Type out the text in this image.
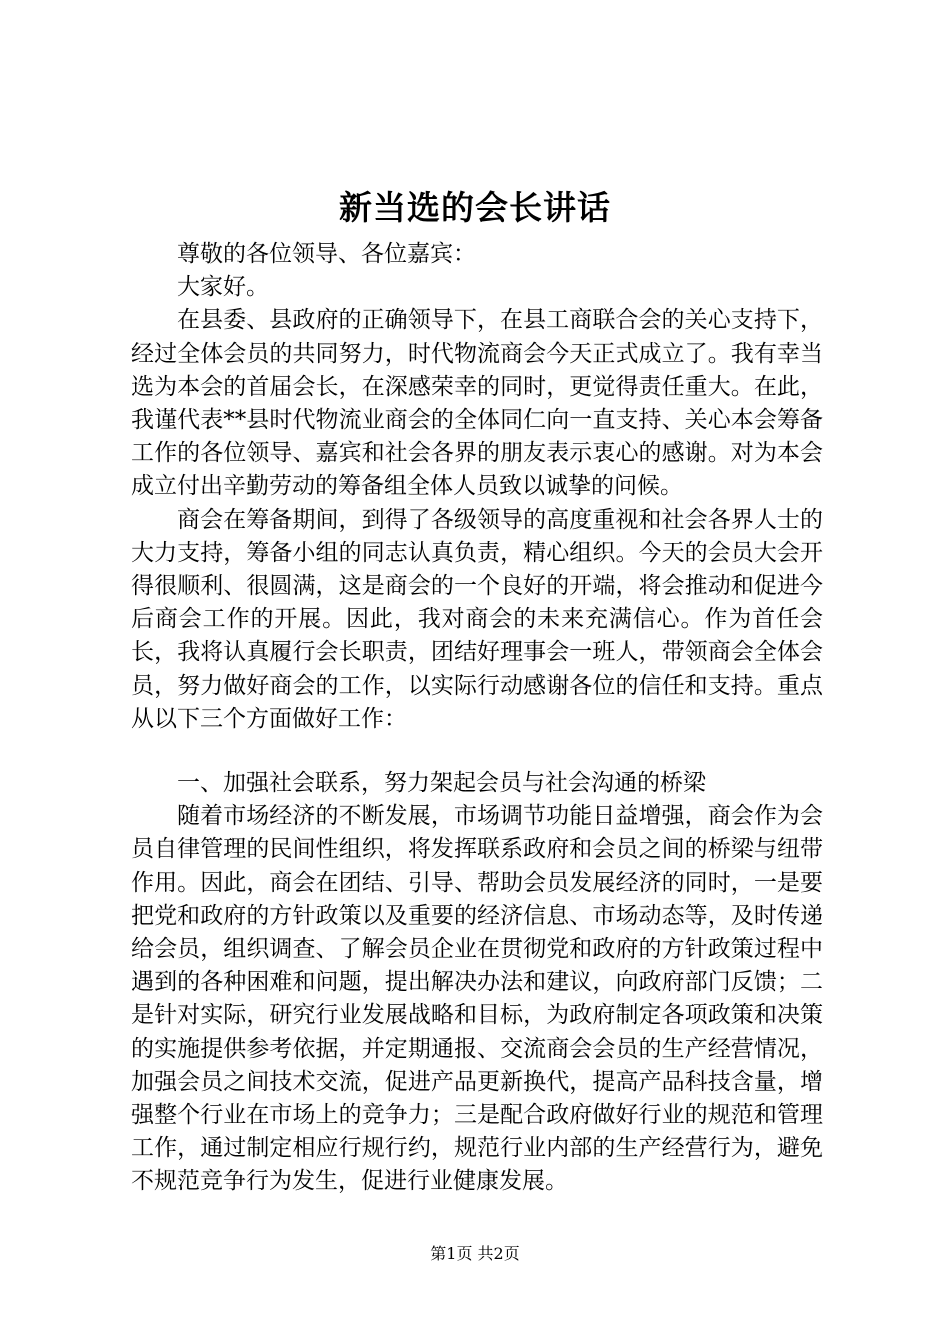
新当选的会长讲话

尊敬的各位领导、各位嘉宾：

大家好。

在县委、县政府的正确领导下，在县工商联合会的关心支持下，经过全体会员的共同努力，时代物流商会今天正式成立了。我有幸当选为本会的首届会长，在深感荣幸的同时，更觉得责任重大。在此，我谨代表**县时代物流业商会的全体同仁向一直支持、关心本会筹备工作的各位领导、嘉宾和社会各界的朋友表示衷心的感谢。对为本会成立付出辛勤劳动的筹备组全体人员致以诚挚的问候。

商会在筹备期间，到得了各级领导的高度重视和社会各界人士的大力支持，筹备小组的同志认真负责，精心组织。今天的会员大会开得很顺利、很圆满，这是商会的一个良好的开端，将会推动和促进今后商会工作的开展。因此，我对商会的未来充满信心。作为首任会长，我将认真履行会长职责，团结好理事会一班人，带领商会全体会员，努力做好商会的工作，以实际行动感谢各位的信任和支持。重点从以下三个方面做好工作：

一、加强社会联系，努力架起会员与社会沟通的桥梁

随着市场经济的不断发展，市场调节功能日益增强，商会作为会员自律管理的民间性组织，将发挥联系政府和会员之间的桥梁与纽带作用。因此，商会在团结、引导、帮助会员发展经济的同时，一是要把党和政府的方针政策以及重要的经济信息、市场动态等，及时传递给会员，组织调查、了解会员企业在贯彻党和政府的方针政策过程中遇到的各种困难和问题，提出解决办法和建议，向政府部门反馈；二是针对实际，研究行业发展战略和目标，为政府制定各项政策和决策的实施提供参考依据，并定期通报、交流商会会员的生产经营情况，加强会员之间技术交流，促进产品更新换代，提高产品科技含量，增强整个行业在市场上的竞争力；三是配合政府做好行业的规范和管理工作，通过制定相应行规行约，规范行业内部的生产经营行为，避免不规范竞争行为发生，促进行业健康发展。

第1页 共2页
